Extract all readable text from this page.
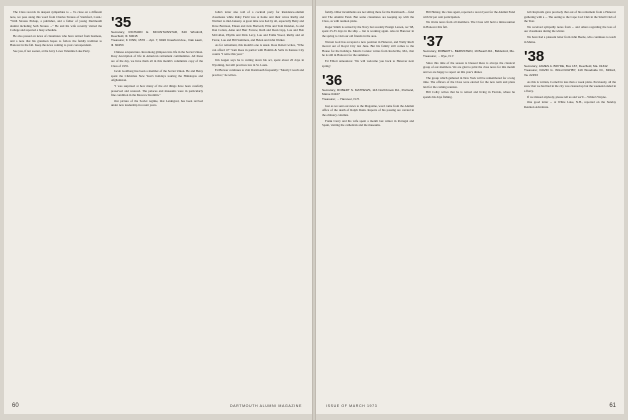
The Class records its deepest sympathies to ... To close on a different note, we pass along this word from Charles Strauss of Stamford, Conn.: "With Strauss Pickup, a publisher, and a father of young Dartmouth alumni including Seth Strauss ..." He and his wife recently visited the College and reported a busy schedule.

He also passed on news of classmates who have retired from business, and a note that his grandson hopes to follow the family tradition to Hanover in the fall. Keep the news coming to your correspondent.

See you, if not sooner, at the Jerry Lowe Valentine Lake Party.

'35
Secretary, RICHARD E. MOUNTAINSTAR, 640 Windmill, Deerfield, Ill. 60015
Treasurer, F. FINN, 1570 ... Apt. 7, 9020 Crawford Ave., Oak Lawn, Ill. 60453

Chinese acupuncture. Reconiong glimpses into life in the Soviet Union. Rosy description of life in American retirement communities. All these are of the day, we have them all in this month's columnists copy of the Class of 1935.

Jacob Goldberg has been a member of the Soviet Union. He and Betsy spent the Christmas New Year's holidays touring the Himalayas and Afghanistan.

"I was surprised at how many of the old things have been carefully preserved and restored. The palaces and museums were in particularly fine condition in the Moscow Kremlin."

Our picture of the Soviet regime, that Leningrad, has been revived under new leadership in recent years.

John's letter also told of a cocktail party for Residence-alumni classmates while Ruby Field was at home and their wives Ruthy and Warburt to mid-January. A great time was had by all, especially Betty and Dave Barrison, Eileen and Jack Hartwell, Ellie and Tom Dundon, Jo and Dan Colton, Anne and Hurr Farrow, Ruth and Dean Lipp, Lou and Bob McCallan, Phyllis and Dick Levy, Lou and Eddie Wood, Ruthy and Al Farrar, Lou and Bill Summers, and Helen and John Walker.

As for retirement, this month's one is usual. Ross Robert writes, "Who can afford it?" Sam Rees in partial with Hamlin & Sells in Kansas City counts "I retire this year."

Jim Gugen says he is cutting down his act, spent about 20 days in Wyoming, but still practices law in St. Louis.

Ed Brewer continues to visit Dartmouth frequently: "Mostly I teach and practice," he writes.

60	DARTMOUTH ALUMNI MAGAZINE

family. Other incumbents are not sitting there for the Dartmouth ... fund and The Alumni Fund. But some classmates are keeping up with the Class, as with reunion plans.

Roger Smith is retired by the Navy but recently Ensign Larsen, rec '68, spent 25-35 days in the ship ... but is working again. Also in Hanover in the spring to visit our old friends in the area.

Warren Gott has accepted a new position in Hanover, and Wally Ruch moved out of Royal City last June. But his family still comes to the House for the holidays. Morris Connor writes from Rockville, Md., that he is still in Hanover for the summers.

Ed Elliott announces: 'We will welcome you back to Hanover next spring.'

'36
Secretary, ROBERT S. MATHEWS, 116 Northbrook Rd., Portland, Maine 04107
Treasurer, ... Hanover, N.H.

Just as we sent our news to the Magazine, word came from the Alumni office of the death of Ralph Dunn. Reports of his passing are carried in the obituary columns.

Frank Curry and his wife spent a month last winter in Portugal and Spain, visiting the cathedrals and the museums.

Bill Hanley, the class agent, reported a record year for the Alumni Fund with 92 per cent participation.

We invite news from all members. The Class will hold a mini-reunion in Hanover this fall.

'37
Secretary, ROBERT L. BERNSTEIN, 19 Beach Rd., Biddeford, Me.
Treasurer, ... Rye, N.Y.

Since this time of the season is blessed there is always the classical group of our members. We are glad to print the class news for this month and we are happy to report on this year's dinner.

The group which gathered in New York will be remembered for a long time. The officers of the Class were elected for the new term and plans laid for the coming reunion.

Bill Colby writes that he is retired and living in Florida, where he spends his days fishing.

Gib Reynolds gave precisely that out of his retirement from a Hanover gathering with a ... The outing to the Cape Cod Club in the Small Club of the Year.

We received sympathy notes from ... and others regarding the loss of our classmates during the winter.

We have had a pleasant letter from John Beebe, who continues to teach in Maine.

'38
Secretary, JAMES A. BRYDE, Box 167, Deerfield, Ma. 01342
Treasurer, DAVID G. WILLOUGHBY, 119 Woodside Dr., Milford, Va. 22153

As this is written, Cornell in less than a week plans. Previously, all the snow that we had had in the city was cleaned up but the weekend ended in a flurry.

If we missed anybody, please tell us and we'll ... White's Wayne.

One good letter ... at White Lake, N.H., reported on the Sunday Reunion Adventure.

ISSUE OF MARCH 1973	61
